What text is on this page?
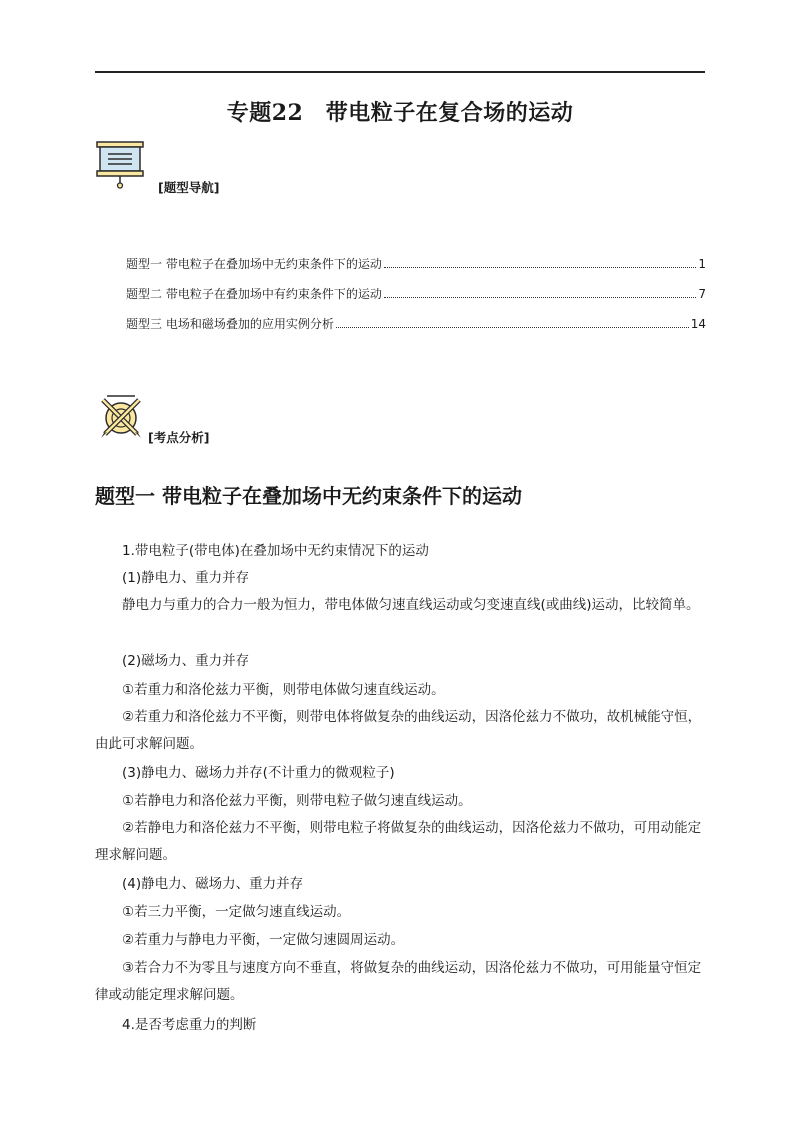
专题22　带电粒子在复合场的运动
[题型导航]
题型一 带电粒子在叠加场中无约束条件下的运动	1
题型二 带电粒子在叠加场中有约束条件下的运动	7
题型三 电场和磁场叠加的应用实例分析	14
[考点分析]
题型一 带电粒子在叠加场中无约束条件下的运动
1.带电粒子(带电体)在叠加场中无约束情况下的运动
(1)静电力、重力并存
静电力与重力的合力一般为恒力，带电体做匀速直线运动或匀变速直线(或曲线)运动，比较简单。
(2)磁场力、重力并存
①若重力和洛伦兹力平衡，则带电体做匀速直线运动。
②若重力和洛伦兹力不平衡，则带电体将做复杂的曲线运动，因洛伦兹力不做功，故机械能守恒，由此可求解问题。
(3)静电力、磁场力并存(不计重力的微观粒子)
①若静电力和洛伦兹力平衡，则带电粒子做匀速直线运动。
②若静电力和洛伦兹力不平衡，则带电粒子将做复杂的曲线运动，因洛伦兹力不做功，可用动能定理求解问题。
(4)静电力、磁场力、重力并存
①若三力平衡，一定做匀速直线运动。
②若重力与静电力平衡，一定做匀速圆周运动。
③若合力不为零且与速度方向不垂直，将做复杂的曲线运动，因洛伦兹力不做功，可用能量守恒定律或动能定理求解问题。
4.是否考虑重力的判断
